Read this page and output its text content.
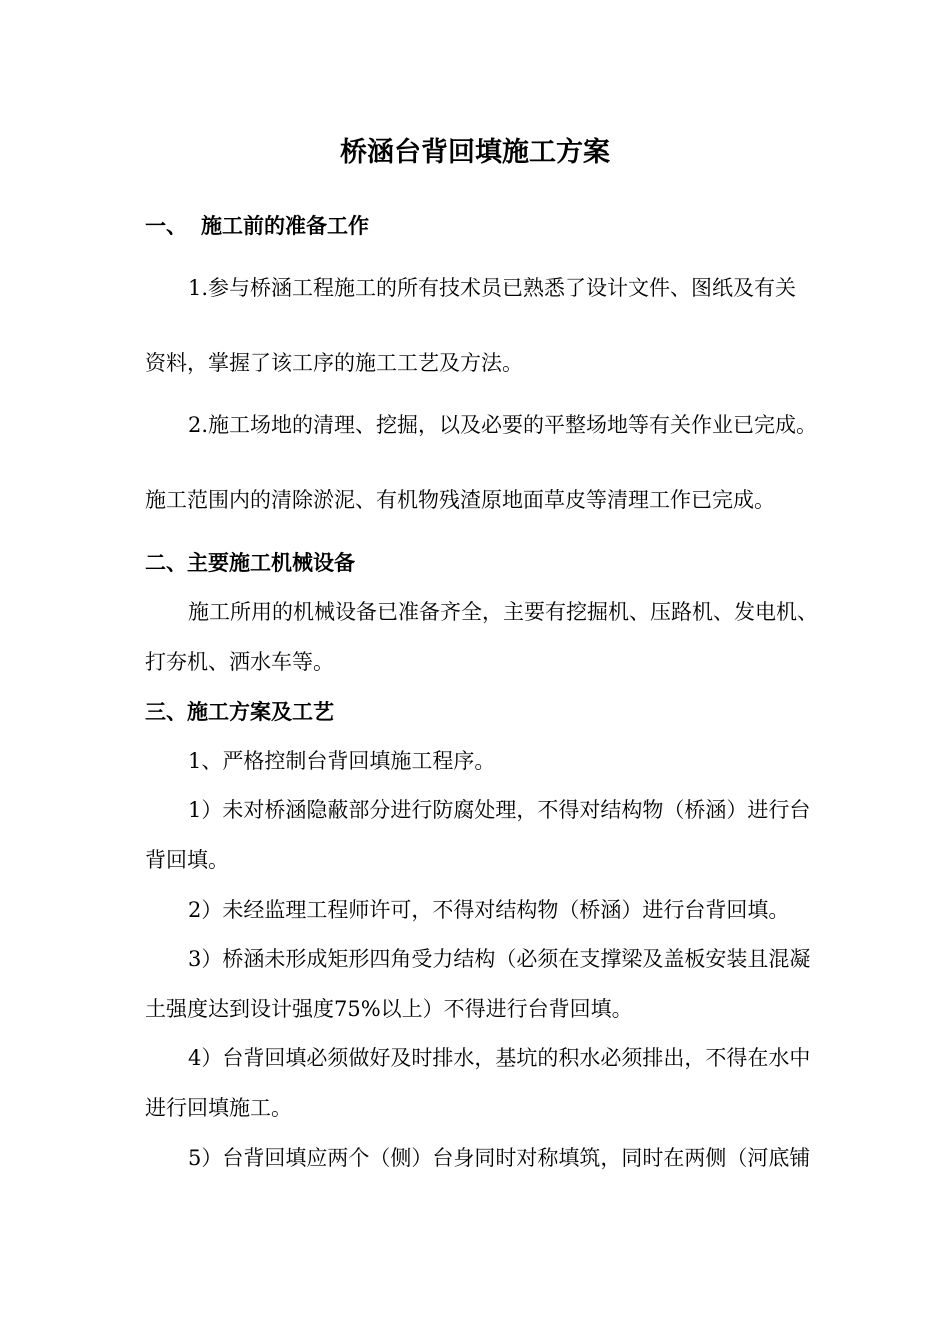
桥涵台背回填施工方案
一、 施工前的准备工作
1.参与桥涵工程施工的所有技术员已熟悉了设计文件、图纸及有关
资料，掌握了该工序的施工工艺及方法。
2.施工场地的清理、挖掘，以及必要的平整场地等有关作业已完成。
施工范围内的清除淤泥、有机物残渣原地面草皮等清理工作已完成。
二、主要施工机械设备
施工所用的机械设备已准备齐全，主要有挖掘机、压路机、发电机、
打夯机、洒水车等。
三、施工方案及工艺
1、严格控制台背回填施工程序。
1）未对桥涵隐蔽部分进行防腐处理，不得对结构物（桥涵）进行台
背回填。
2）未经监理工程师许可，不得对结构物（桥涵）进行台背回填。
3）桥涵未形成矩形四角受力结构（必须在支撑梁及盖板安装且混凝
土强度达到设计强度75%以上）不得进行台背回填。
4）台背回填必须做好及时排水，基坑的积水必须排出，不得在水中
进行回填施工。
5）台背回填应两个（侧）台身同时对称填筑，同时在两侧（河底铺
